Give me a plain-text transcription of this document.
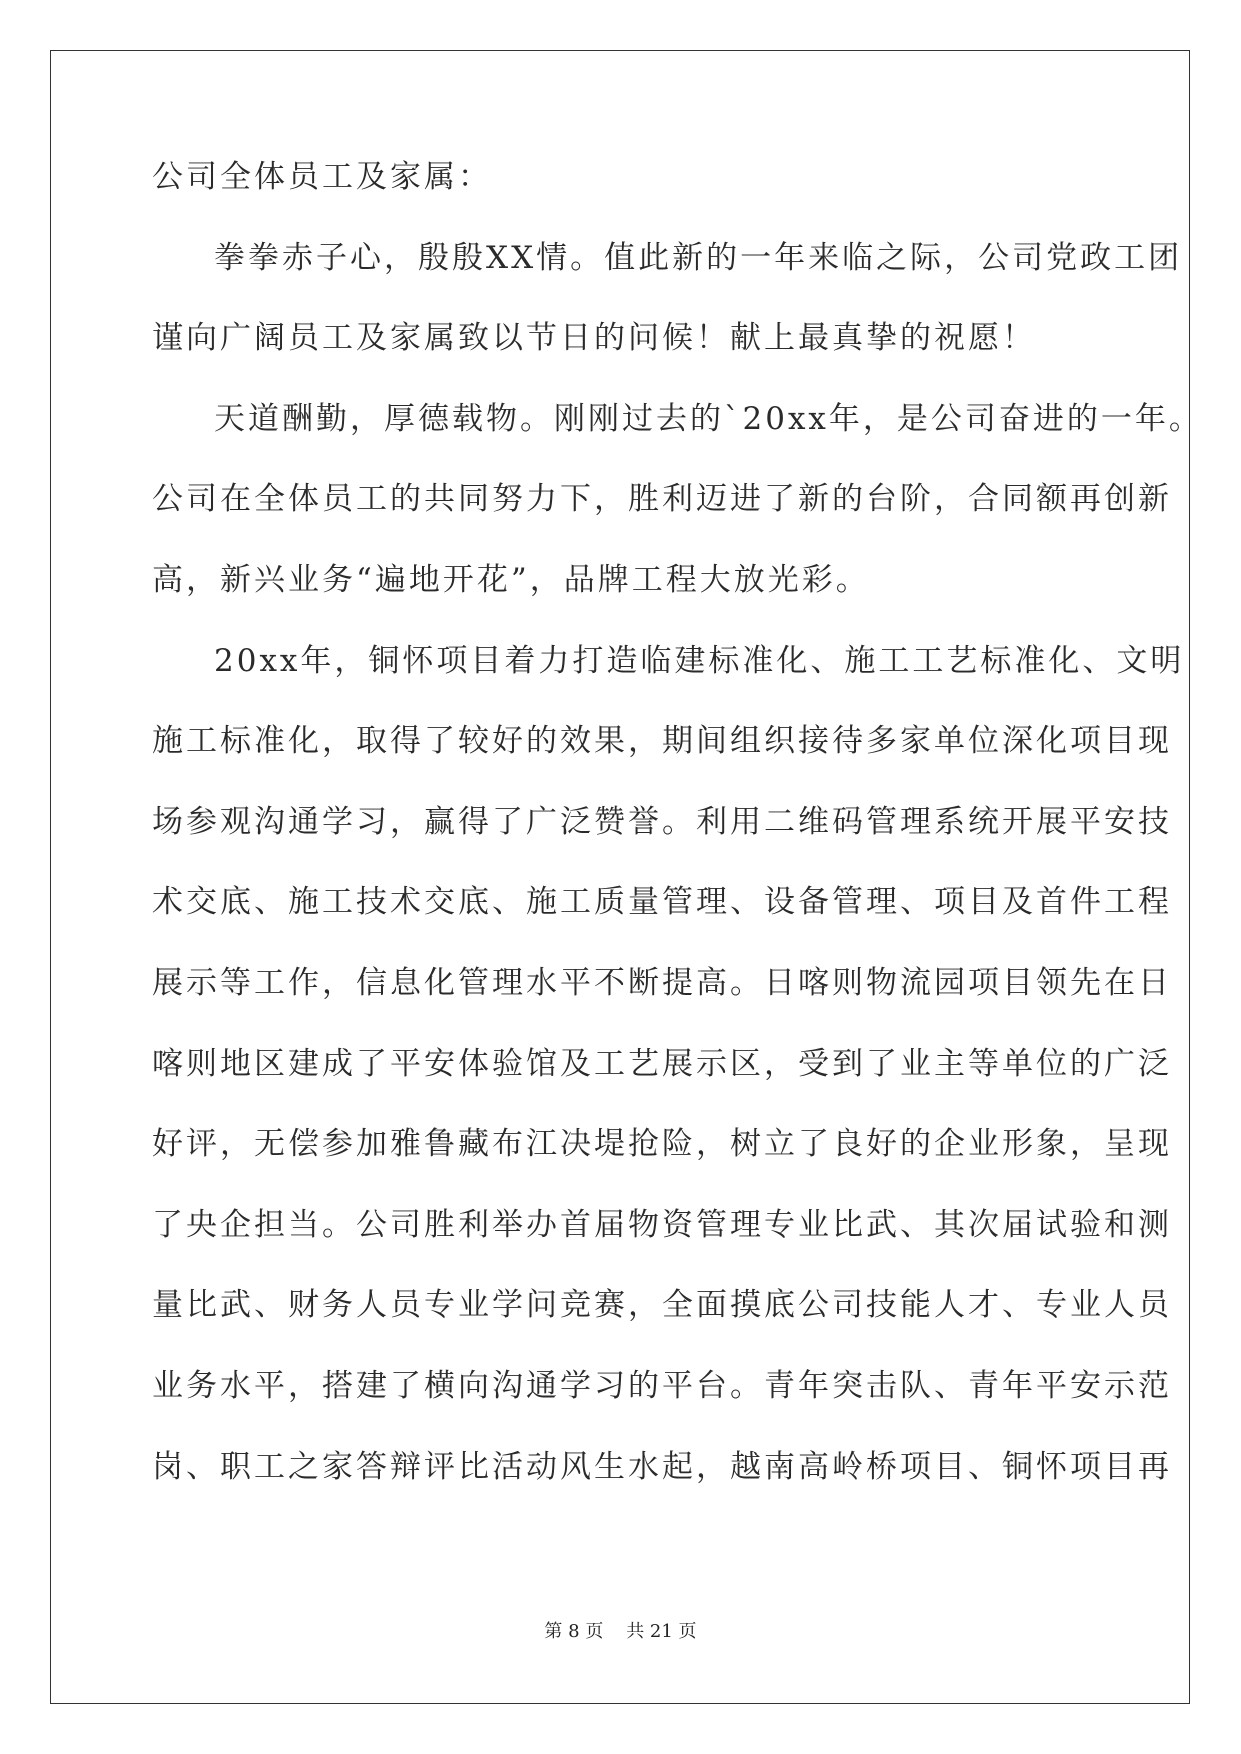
公司全体员工及家属：
拳拳赤子心，殷殷XX情。值此新的一年来临之际，公司党政工团
谨向广阔员工及家属致以节日的问候！献上最真挚的祝愿！
天道酬勤，厚德载物。刚刚过去的`20xx年，是公司奋进的一年。
公司在全体员工的共同努力下，胜利迈进了新的台阶，合同额再创新
高，新兴业务“遍地开花”，品牌工程大放光彩。
20xx年，铜怀项目着力打造临建标准化、施工工艺标准化、文明
施工标准化，取得了较好的效果，期间组织接待多家单位深化项目现
场参观沟通学习，赢得了广泛赞誉。利用二维码管理系统开展平安技
术交底、施工技术交底、施工质量管理、设备管理、项目及首件工程
展示等工作，信息化管理水平不断提高。日喀则物流园项目领先在日
喀则地区建成了平安体验馆及工艺展示区，受到了业主等单位的广泛
好评，无偿参加雅鲁藏布江决堤抢险，树立了良好的企业形象，呈现
了央企担当。公司胜利举办首届物资管理专业比武、其次届试验和测
量比武、财务人员专业学问竞赛，全面摸底公司技能人才、专业人员
业务水平，搭建了横向沟通学习的平台。青年突击队、青年平安示范
岗、职工之家答辩评比活动风生水起，越南高岭桥项目、铜怀项目再
第 8 页    共 21 页
